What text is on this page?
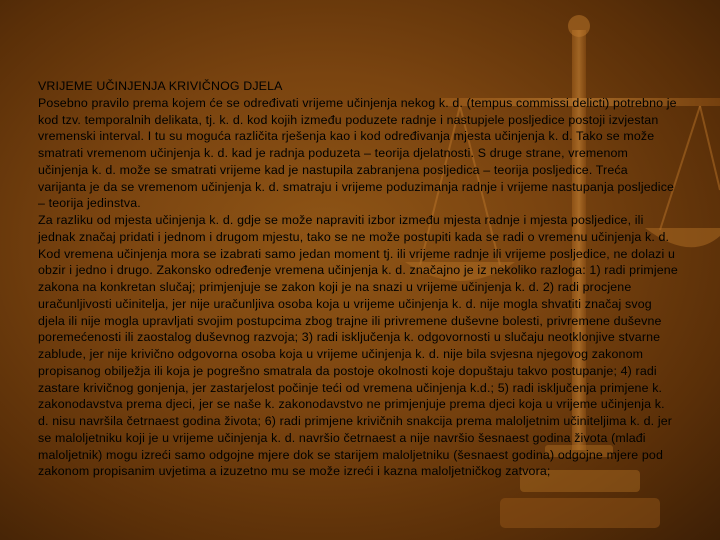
VRIJEME UČINJENJA KRIVIČNOG DJELA

Posebno pravilo prema kojem će se određivati vrijeme učinjenja nekog k. d. (tempus commissi delicti) potrebno je kod tzv. temporalnih delikata, tj. k. d. kod kojih između poduzete radnje i nastupjele posljedice postoji izvjestan vremenski interval. I tu su moguća različita rješenja kao i kod određivanja mjesta učinjenja k. d. Tako se može smatrati vremenom učinjenja k. d. kad je radnja poduzeta – teorija djelatnosti. S druge strane, vremenom učinjenja k. d. može se smatrati vrijeme kad je nastupila zabranjena posljedica – teorija posljedice. Treća varijanta je da se vremenom učinjenja k. d. smatraju i vrijeme poduzimanja radnje i vrijeme nastupanja posljedice – teorija jedinstva.

Za razliku od mjesta učinjenja k. d. gdje se može napraviti izbor između mjesta radnje i mjesta posljedice, ili jednak značaj pridati i jednom i drugom mjestu, tako se ne može postupiti kada se radi o vremenu učinjenja k. d. Kod vremena učinjenja mora se izabrati samo jedan moment tj. ili vrijeme radnje ili vrijeme posljedice, ne dolazi u obzir i jedno i drugo. Zakonsko određenje vremena učinjenja k. d. značajno je iz nekoliko razloga: 1) radi primjene zakona na konkretan slučaj; primjenjuje se zakon koji je na snazi u vrijeme učinjenja k. d. 2) radi procjene uračunljivosti učinitelja, jer nije uračunljiva osoba koja u vrijeme učinjenja k. d. nije mogla shvatiti značaj svog djela ili nije mogla upravljati svojim postupcima zbog trajne ili privremene duševne bolesti, privremene duševne poremećenosti ili zaostalog duševnog razvoja; 3) radi isključenja k. odgovornosti u slučaju neotklonjive stvarne zablude, jer nije krivično odgovorna osoba koja u vrijeme učinjenja k. d. nije bila svjesna njegovog zakonom propisanog obilježja ili koja je pogrešno smatrala da postoje okolnosti koje dopuštaju takvo postupanje; 4) radi zastare krivičnog gonjenja, jer zastarjelost počinje teći od vremena učinjenja k.d.; 5) radi isključenja primjene k. zakonodavstva prema djeci, jer se naše k. zakonodavstvo ne primjenjuje prema djeci koja u vrijeme učinjenja k. d. nisu navršila četrnaest godina života; 6) radi primjene krivičnih snakcija prema maloljetnim učiniteljima k. d. jer se maloljetniku koji je u vrijeme učinjenja k. d. navršio četrnaest a nije navršio šesnaest godina života (mlađi maloljetnik) mogu izreći samo odgojne mjere dok se starijem maloljetniku (šesnaest godina) odgojne mjere pod zakonom propisanim uvjetima a izuzetno mu se može izreći i kazna maloljetničkog zatvora;
